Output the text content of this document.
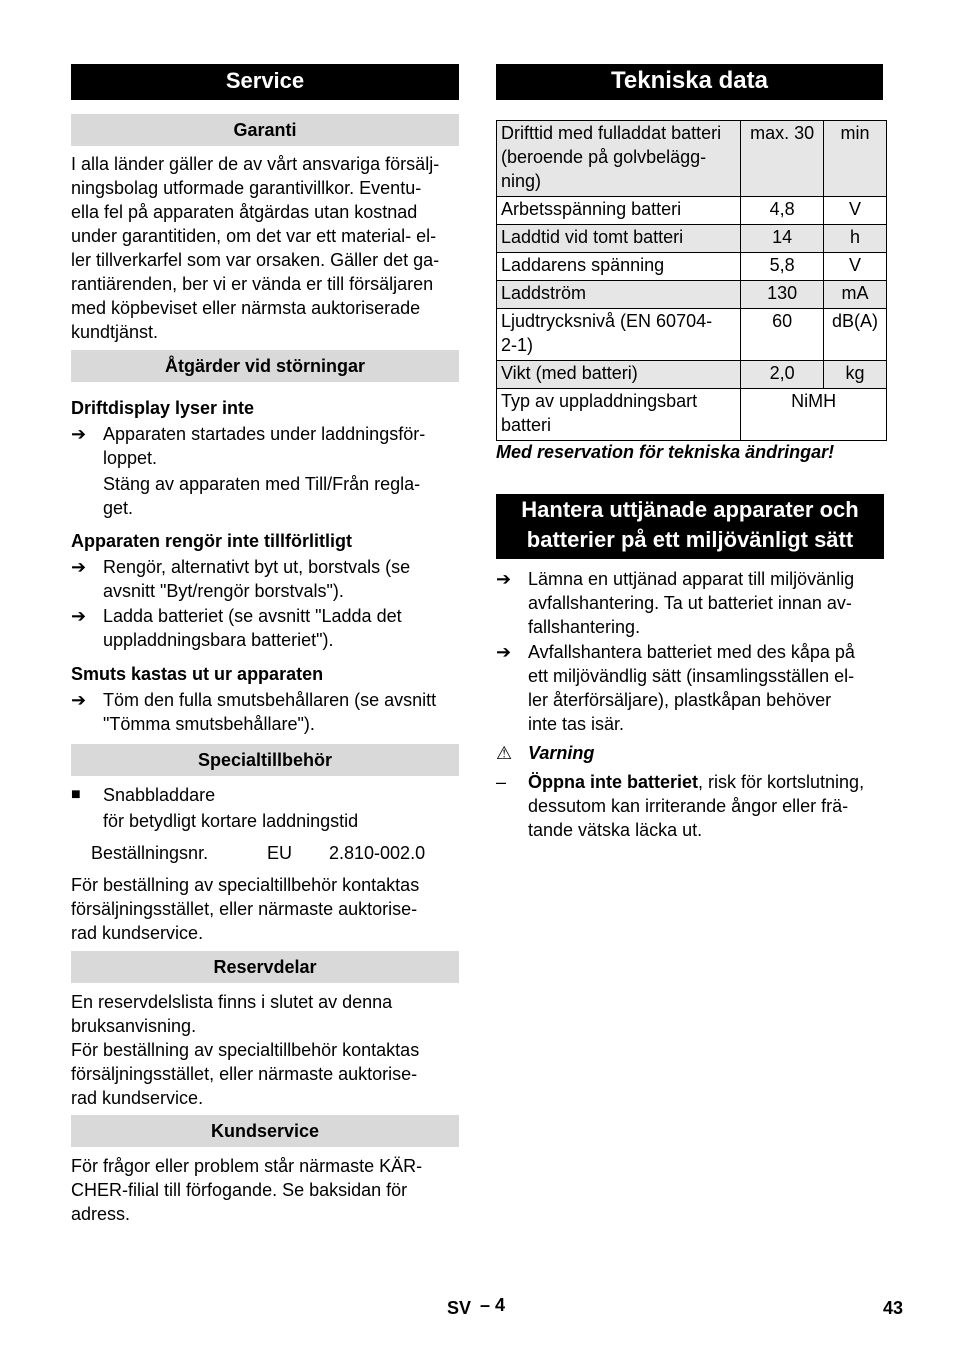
Service
Garanti
I alla länder gäller de av vårt ansvariga försälj-
ningsbolag utformade garantivillkor. Eventu-
ella fel på apparaten åtgärdas utan kostnad
under garantitiden, om det var ett material- el-
ler tillverkarfel som var orsaken. Gäller det ga-
rantiärenden, ber vi er vända er till försäljaren
med köpbeviset eller närmsta auktoriserade
kundtjänst.
Åtgärder vid störningar
Driftdisplay lyser inte
➔ Apparaten startades under laddningsför-
loppet.
Stäng av apparaten med Till/Från regla-
get.
Apparaten rengör inte tillförlitligt
➔ Rengör, alternativt byt ut, borstvals (se
avsnitt "Byt/rengör borstvals").
➔ Ladda batteriet (se avsnitt "Ladda det
uppladdningsbara batteriet").
Smuts kastas ut ur apparaten
➔ Töm den fulla smutsbehållaren (se avsnitt
"Tömma smutsbehållare").
Specialtillbehör
■ Snabbladdare
för betydligt kortare laddningstid
Beställningsnr.	EU 2.810-002.0
För beställning av specialtillbehör kontaktas
försäljningsstället, eller närmaste auktorise-
rad kundservice.
Reservdelar
En reservdelslista finns i slutet av denna
bruksanvisning.
För beställning av specialtillbehör kontaktas
försäljningsstället, eller närmaste auktorise-
rad kundservice.
Kundservice
För frågor eller problem står närmaste KÄR-
CHER-filial till förfogande. Se baksidan för
adress.
Tekniska data
Drifttid med fulladdat batteri
(beroende på golvbelägg-
ning)	max. 30	min

Arbetsspänning batteri	4,8	V

Laddtid vid tomt batteri	14	h

Laddarens spänning	5,8	V

Laddström	130	mA

Ljudtrycksnivå (EN 60704-
2-1)	60	dB(A)

Vikt (med batteri)	2,0	kg

Typ av uppladdningsbart
batteri	NiMH	
Med reservation för tekniska ändringar!
Hantera uttjänade apparater och
batterier på ett miljövänligt sätt
➔ Lämna en uttjänad apparat till miljövänlig
avfallshantering. Ta ut batteriet innan av-
fallshantering.
➔ Avfallshantera batteriet med des kåpa på
ett miljövändlig sätt (insamlingsställen el-
ler återförsäljare), plastkåpan behöver
inte tas isär.
⚠ Varning
– Öppna inte batteriet, risk för kortslutning,
dessutom kan irriterande ångor eller frä-
tande vätska läcka ut.
SV – 4	43
